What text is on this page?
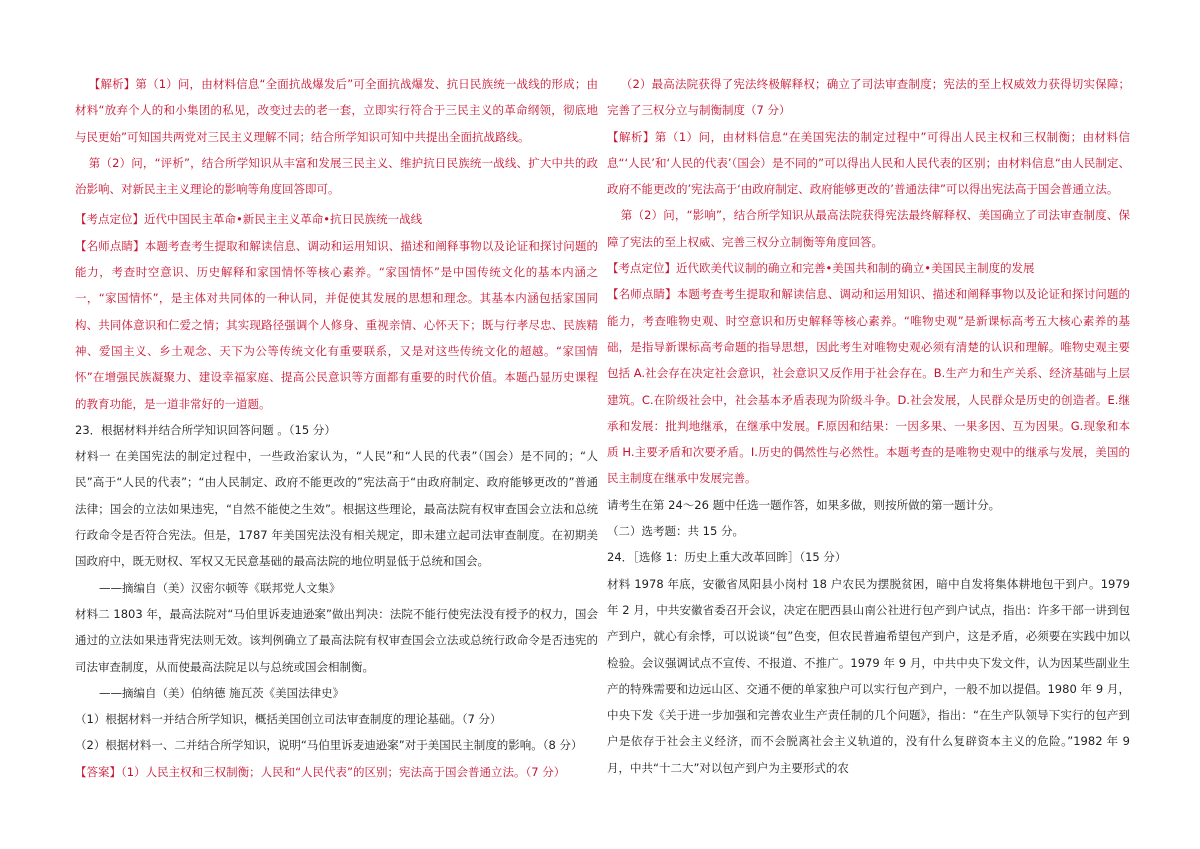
【解析】第（1）问，由材料信息“全面抗战爆发后”可全面抗战爆发、抗日民族统一战线的形成；由材料“放弃个人的和小集团的私见，改变过去的老一套，立即实行符合于三民主义的革命纲领，彻底地与民更始”可知国共两党对三民主义理解不同；结合所学知识可知中共提出全面抗战路线。

第（2）问，“评析”，结合所学知识从丰富和发展三民主义、维护抗日民族统一战线、扩大中共的政治影响、对新民主主义理论的影响等角度回答即可。

【考点定位】近代中国民主革命•新民主主义革命•抗日民族统一战线

【名师点睛】本题考查考生提取和解读信息、调动和运用知识、描述和阐释事物以及论证和探讨问题的能力，考查时空意识、历史解释和家国情怀等核心素养。“家国情怀”是中国传统文化的基本内涵之一，“家国情怀”，是主体对共同体的一种认同，并促使其发展的思想和理念。其基本内涵包括家国同构、共同体意识和仁爱之情；其实现路径强调个人修身、重视亲情、心怀天下；既与行孝尽忠、民族精神、爱国主义、乡土观念、天下为公等传统文化有重要联系，又是对这些传统文化的超越。“家国情怀”在增强民族凝聚力、建设幸福家庭、提高公民意识等方面都有重要的时代价值。本题凸显历史课程的教育功能，是一道非常好的一道题。

23．根据材料并结合所学知识回答问题 。（15 分）

材料一 在美国宪法的制定过程中，一些政治家认为，“人民”和“人民的代表”（国会）是不同的；“人民”高于“人民的代表”；“由人民制定、政府不能更改的”宪法高于“由政府制定、政府能够更改的”普通法律；国会的立法如果违宪，“自然不能使之生效”。根据这些理论，最高法院有权审查国会立法和总统行政命令是否符合宪法。但是，1787 年美国宪法没有相关规定，即未建立起司法审查制度。在初期美国政府中，既无财权、军权又无民意基础的最高法院的地位明显低于总统和国会。

——摘编自（美）汉密尔顿等《联邦党人文集》

材料二 1803 年，最高法院对“马伯里诉麦迪逊案”做出判决：法院不能行使宪法没有授予的权力，国会通过的立法如果违背宪法则无效。该判例确立了最高法院有权审查国会立法或总统行政命令是否违宪的司法审查制度，从而使最高法院足以与总统或国会相制衡。

——摘编自（美）伯纳德 施瓦茨《美国法律史》

（1）根据材料一并结合所学知识，概括美国创立司法审查制度的理论基础。（7 分）

（2）根据材料一、二并结合所学知识，说明“马伯里诉麦迪逊案”对于美国民主制度的影响。（8 分）

【答案】（1）人民主权和三权制衡；人民和“人民代表”的区别；宪法高于国会普通立法。（7 分）

（2）最高法院获得了宪法终极解释权；确立了司法审查制度；宪法的至上权威效力获得切实保障；完善了三权分立与制衡制度（7 分）

【解析】第（1）问，由材料信息“在美国宪法的制定过程中”可得出人民主权和三权制衡；由材料信息“‘人民’和‘人民的代表’（国会）是不同的”可以得出人民和人民代表的区别；由材料信息“由人民制定、政府不能更改的’宪法高于‘由政府制定、政府能够更改的’普通法律”可以得出宪法高于国会普通立法。

第（2）问，“影响”，结合所学知识从最高法院获得宪法最终解释权、美国确立了司法审查制度、保障了宪法的至上权威、完善三权分立制衡等角度回答。

【考点定位】近代欧美代议制的确立和完善•美国共和制的确立•美国民主制度的发展

【名师点睛】本题考查考生提取和解读信息、调动和运用知识、描述和阐释事物以及论证和探讨问题的能力，考查唯物史观、时空意识和历史解释等核心素养。“唯物史观”是新课标高考五大核心素养的基础，是指导新课标高考命题的指导思想，因此考生对唯物史观必须有清楚的认识和理解。唯物史观主要包括 A.社会存在决定社会意识，社会意识又反作用于社会存在。B.生产力和生产关系、经济基础与上层建筑。C.在阶级社会中，社会基本矛盾表现为阶级斗争。D.社会发展，人民群众是历史的创造者。E.继承和发展：批判地继承，在继承中发展。F.原因和结果：一因多果、一果多因、互为因果。G.现象和本质 H.主要矛盾和次要矛盾。I.历史的偶然性与必然性。本题考查的是唯物史观中的继承与发展，美国的民主制度在继承中发展完善。

请考生在第 24～26 题中任选一题作答，如果多做，则按所做的第一题计分。

（二）选考题：共 15 分。

24．［选修 1：历史上重大改革回眸］（15 分）

材料 1978 年底，安徽省凤阳县小岗村 18 户农民为摆脱贫困，暗中自发将集体耕地包干到户。1979 年 2 月，中共安徽省委召开会议，决定在肥西县山南公社进行包产到户试点，指出：许多干部一讲到包产到户，就心有余悸，可以说谈“包”色变，但农民普遍希望包产到户，这是矛盾，必须要在实践中加以检验。会议强调试点不宣传、不报道、不推广。1979 年 9 月，中共中央下发文件，认为因某些副业生产的特殊需要和边远山区、交通不便的单家独户可以实行包产到户，一般不加以提倡。1980 年 9 月，中央下发《关于进一步加强和完善农业生产责任制的几个问题》，指出：“在生产队领导下实行的包产到户是依存于社会主义经济，而不会脱离社会主义轨道的，没有什么复辟资本主义的危险。”1982 年 9 月，中共“十二大”对以包产到户为主要形式的农
